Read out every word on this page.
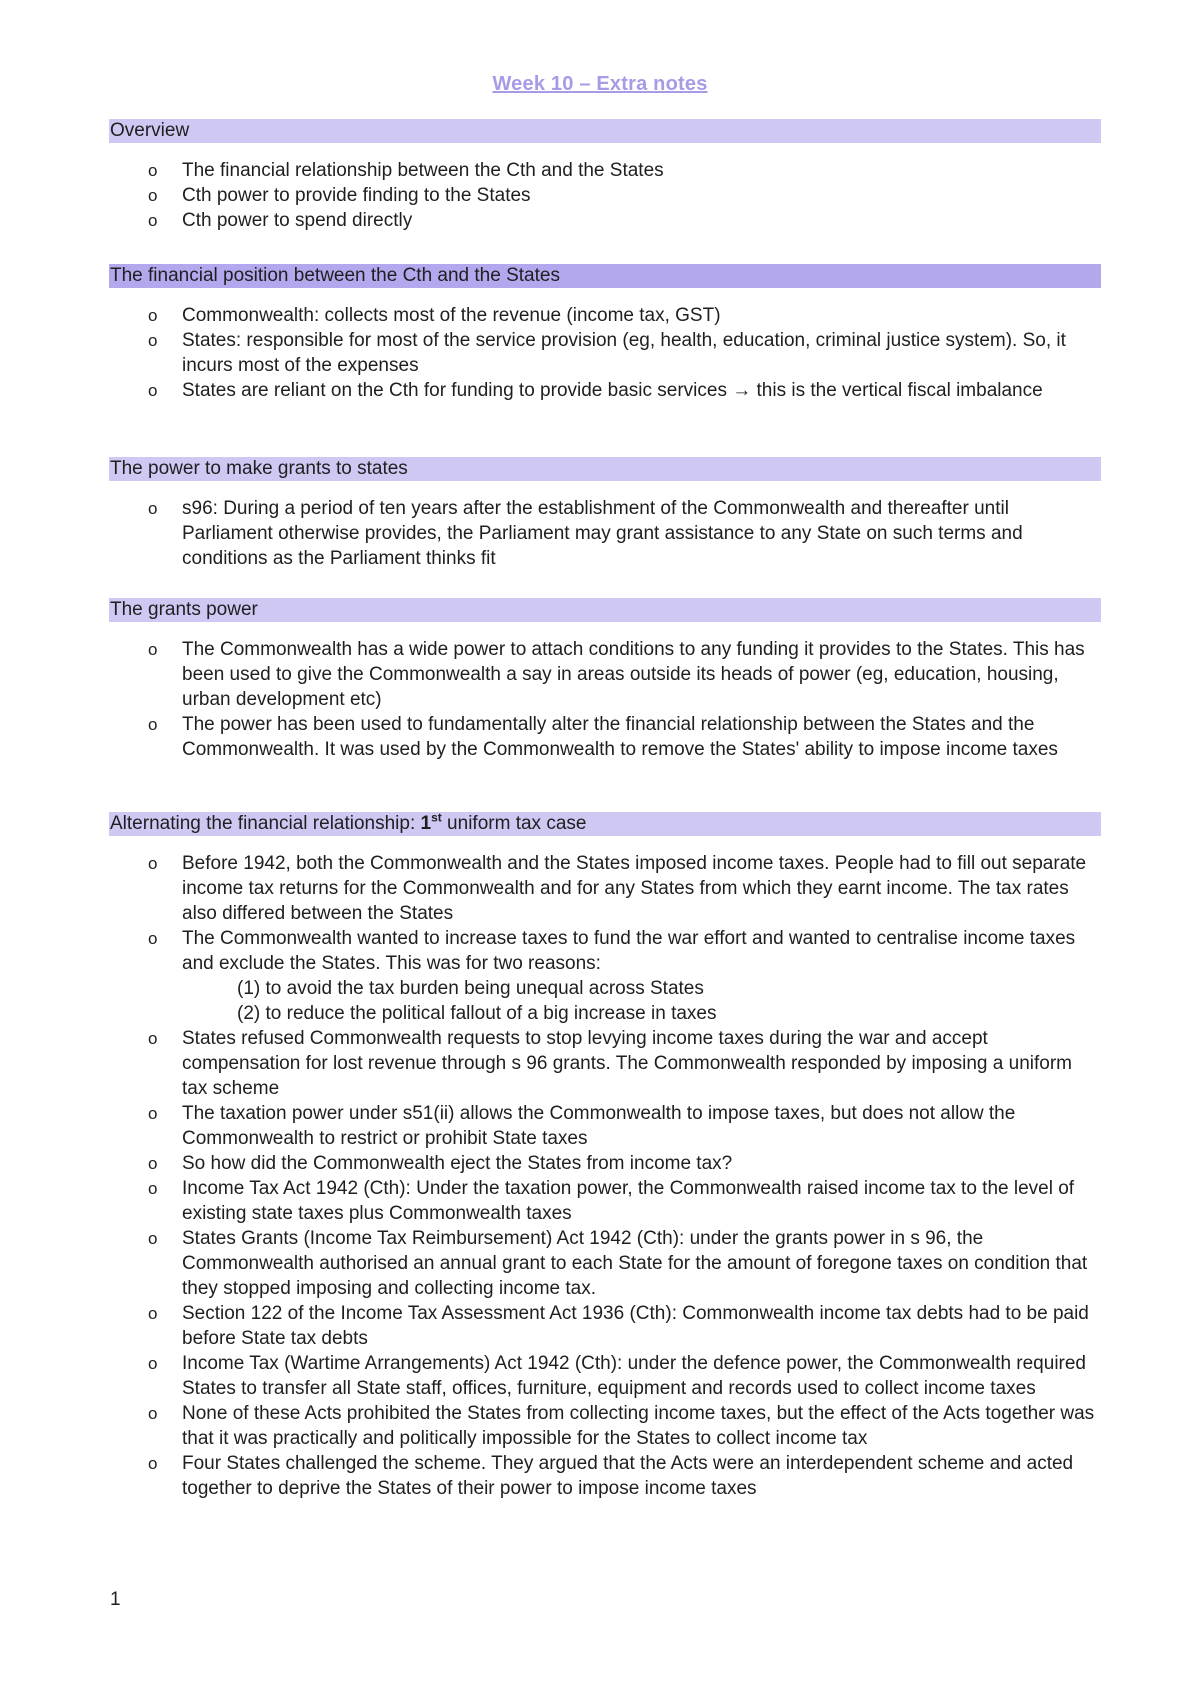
Week 10 – Extra notes
Overview
o The financial relationship between the Cth and the States
o Cth power to provide finding to the States
o Cth power to spend directly
The financial position between the Cth and the States
o Commonwealth: collects most of the revenue (income tax, GST)
o States: responsible for most of the service provision (eg, health, education, criminal justice system). So, it incurs most of the expenses
o States are reliant on the Cth for funding to provide basic services → this is the vertical fiscal imbalance
The power to make grants to states
o s96: During a period of ten years after the establishment of the Commonwealth and thereafter until Parliament otherwise provides, the Parliament may grant assistance to any State on such terms and conditions as the Parliament thinks fit
The grants power
o The Commonwealth has a wide power to attach conditions to any funding it provides to the States. This has been used to give the Commonwealth a say in areas outside its heads of power (eg, education, housing, urban development etc)
o The power has been used to fundamentally alter the financial relationship between the States and the Commonwealth. It was used by the Commonwealth to remove the States' ability to impose income taxes
Alternating the financial relationship: 1st uniform tax case
o Before 1942, both the Commonwealth and the States imposed income taxes. People had to fill out separate income tax returns for the Commonwealth and for any States from which they earnt income. The tax rates also differed between the States
o The Commonwealth wanted to increase taxes to fund the war effort and wanted to centralise income taxes and exclude the States. This was for two reasons:
(1) to avoid the tax burden being unequal across States
(2) to reduce the political fallout of a big increase in taxes
o States refused Commonwealth requests to stop levying income taxes during the war and accept compensation for lost revenue through s 96 grants. The Commonwealth responded by imposing a uniform tax scheme
o The taxation power under s51(ii) allows the Commonwealth to impose taxes, but does not allow the Commonwealth to restrict or prohibit State taxes
o So how did the Commonwealth eject the States from income tax?
o Income Tax Act 1942 (Cth): Under the taxation power, the Commonwealth raised income tax to the level of existing state taxes plus Commonwealth taxes
o States Grants (Income Tax Reimbursement) Act 1942 (Cth): under the grants power in s 96, the Commonwealth authorised an annual grant to each State for the amount of foregone taxes on condition that they stopped imposing and collecting income tax.
o Section 122 of the Income Tax Assessment Act 1936 (Cth): Commonwealth income tax debts had to be paid before State tax debts
o Income Tax (Wartime Arrangements) Act 1942 (Cth): under the defence power, the Commonwealth required States to transfer all State staff, offices, furniture, equipment and records used to collect income taxes
o None of these Acts prohibited the States from collecting income taxes, but the effect of the Acts together was that it was practically and politically impossible for the States to collect income tax
o Four States challenged the scheme. They argued that the Acts were an interdependent scheme and acted together to deprive the States of their power to impose income taxes
1
